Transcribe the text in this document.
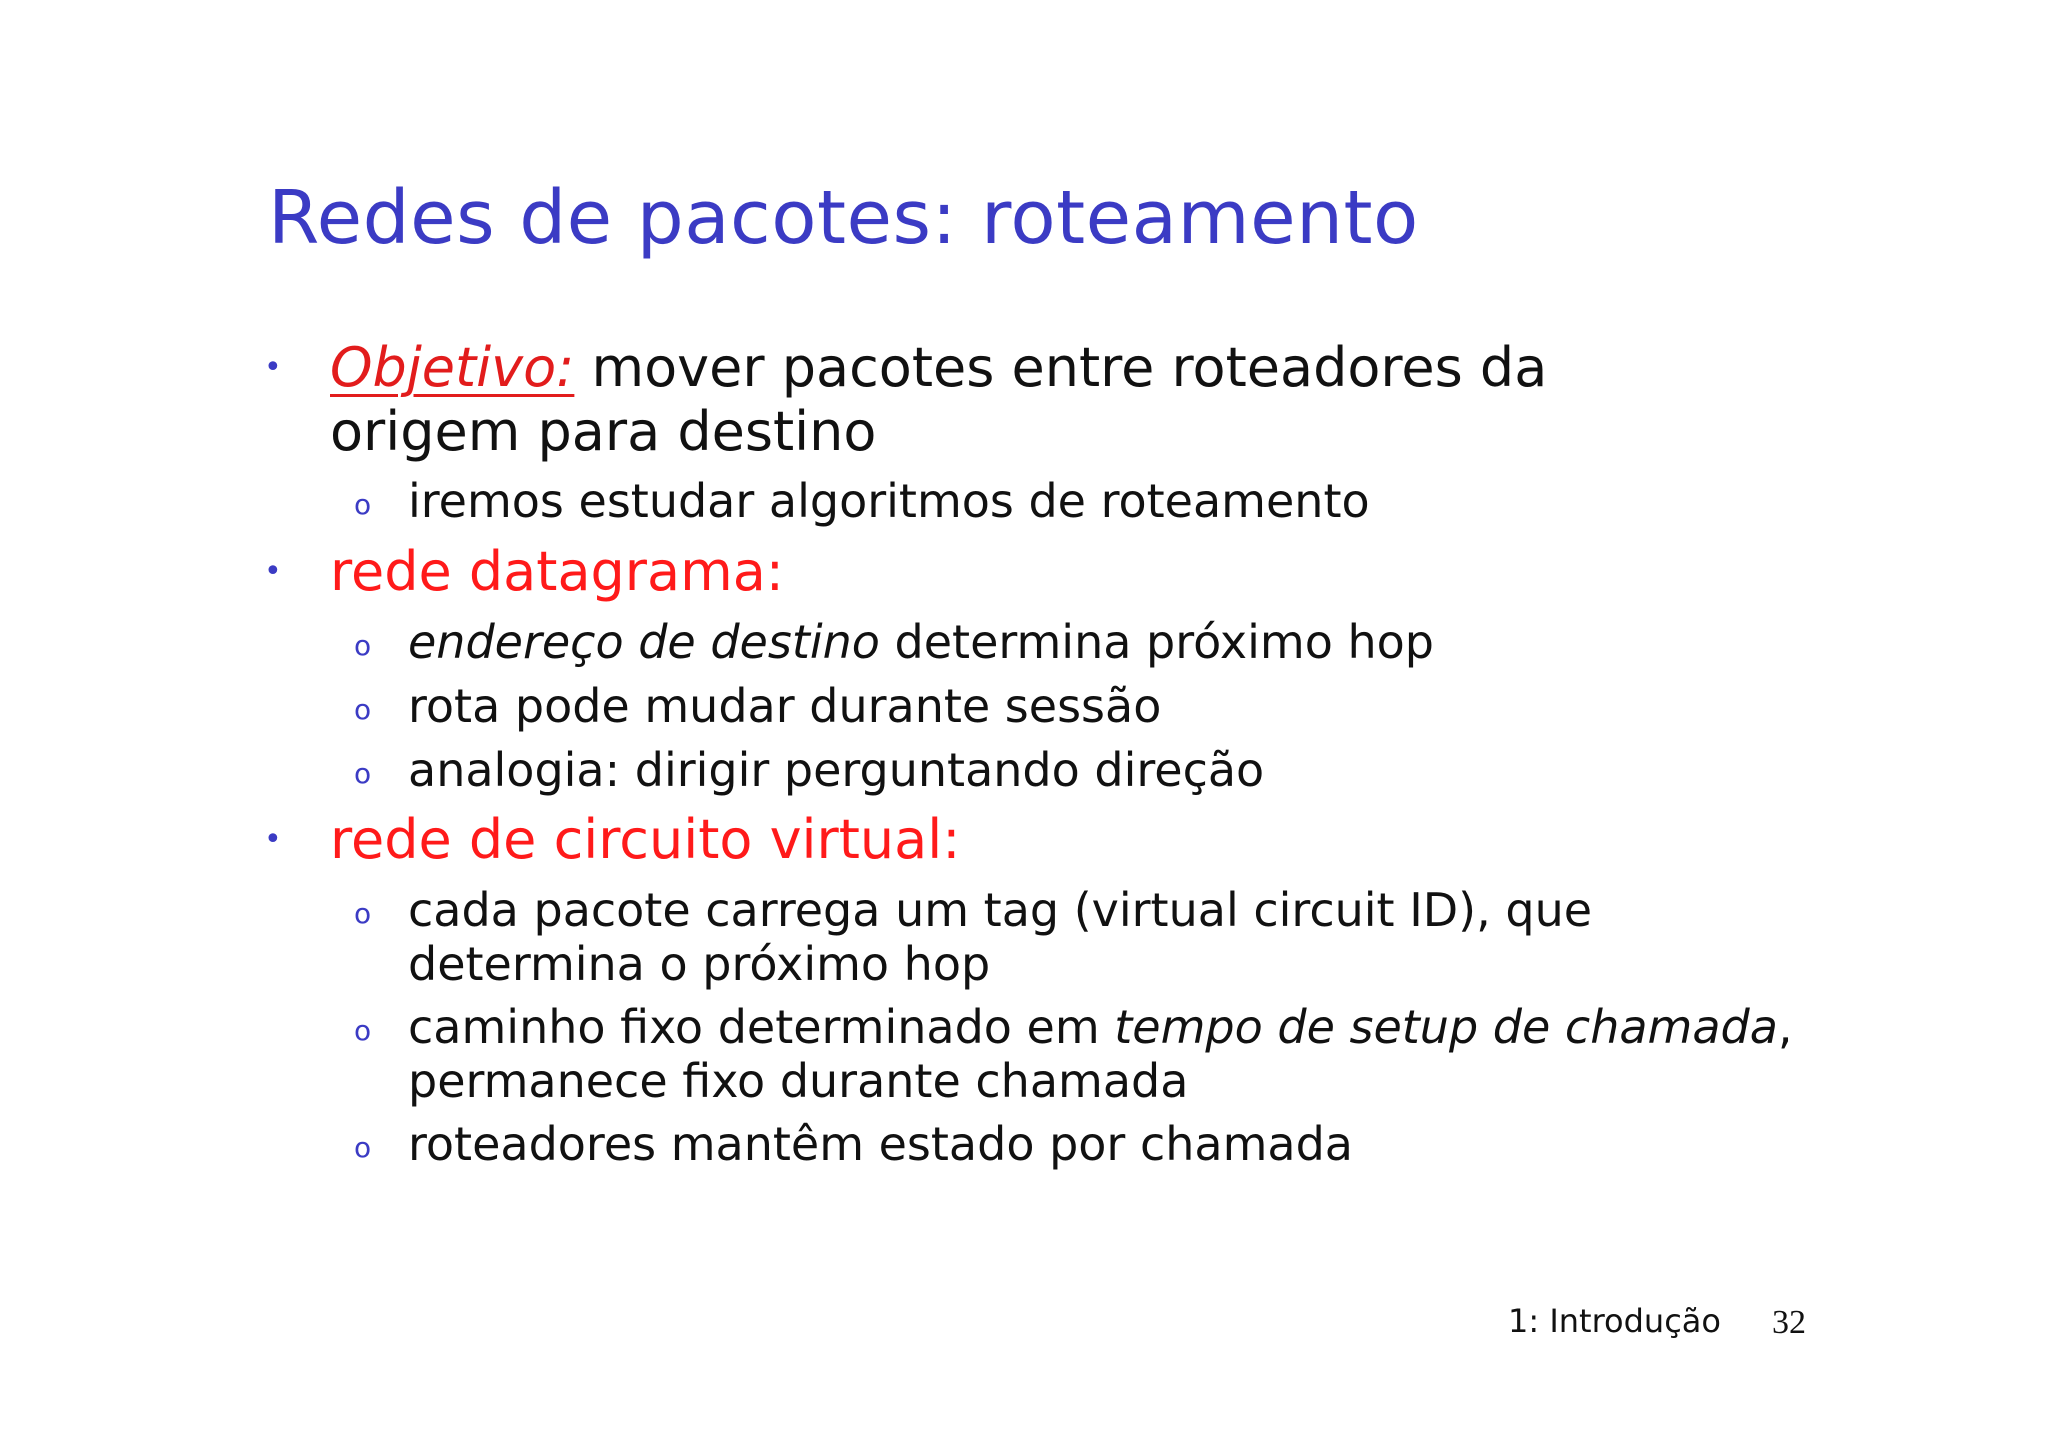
Redes de pacotes: roteamento
• Objetivo: mover pacotes entre roteadores da
origem para destino
o iremos estudar algoritmos de roteamento
• rede datagrama:
o endereço de destino determina próximo hop
o rota pode mudar durante sessão
o analogia: dirigir perguntando direção
• rede de circuito virtual:
o cada pacote carrega um tag (virtual circuit ID), que
determina o próximo hop
o caminho fixo determinado em tempo de setup de chamada,
permanece fixo durante chamada
o roteadores mantêm estado por chamada
1: Introdução 32
